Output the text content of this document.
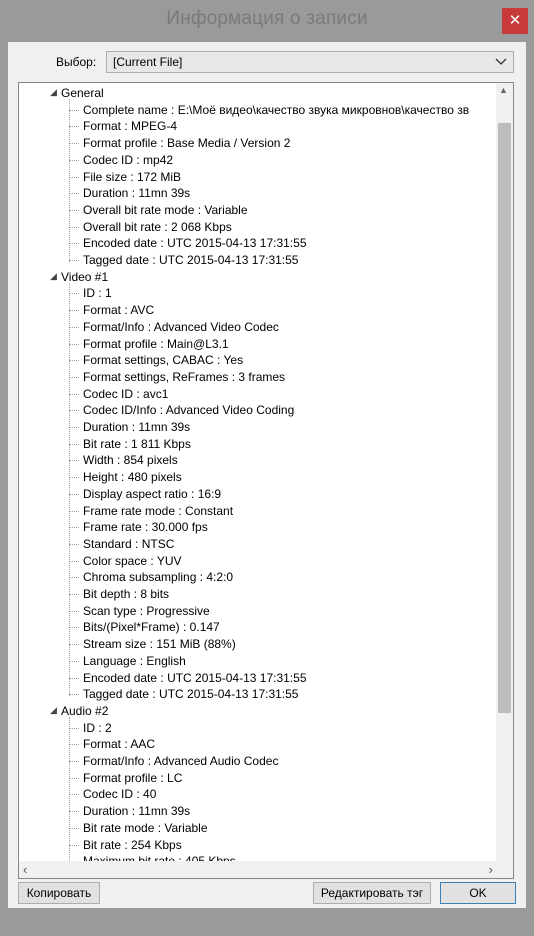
Информация о записи	✕
Выбор: [Current File]
◢ General
Complete name : E:\Моё видео\качество звука микровнов\качество зв
Format : MPEG-4
Format profile : Base Media / Version 2
Codec ID : mp42
File size : 172 MiB
Duration : 11mn 39s
Overall bit rate mode : Variable
Overall bit rate : 2 068 Kbps
Encoded date : UTC 2015-04-13 17:31:55
Tagged date : UTC 2015-04-13 17:31:55
◢ Video #1
ID : 1
Format : AVC
Format/Info : Advanced Video Codec
Format profile : Main@L3.1
Format settings, CABAC : Yes
Format settings, ReFrames : 3 frames
Codec ID : avc1
Codec ID/Info : Advanced Video Coding
Duration : 11mn 39s
Bit rate : 1 811 Kbps
Width : 854 pixels
Height : 480 pixels
Display aspect ratio : 16:9
Frame rate mode : Constant
Frame rate : 30.000 fps
Standard : NTSC
Color space : YUV
Chroma subsampling : 4:2:0
Bit depth : 8 bits
Scan type : Progressive
Bits/(Pixel*Frame) : 0.147
Stream size : 151 MiB (88%)
Language : English
Encoded date : UTC 2015-04-13 17:31:55
Tagged date : UTC 2015-04-13 17:31:55
◢ Audio #2
ID : 2
Format : AAC
Format/Info : Advanced Audio Codec
Format profile : LC
Codec ID : 40
Duration : 11mn 39s
Bit rate mode : Variable
Bit rate : 254 Kbps
▲
‹	›
Копировать	Редактировать тэг	OK
